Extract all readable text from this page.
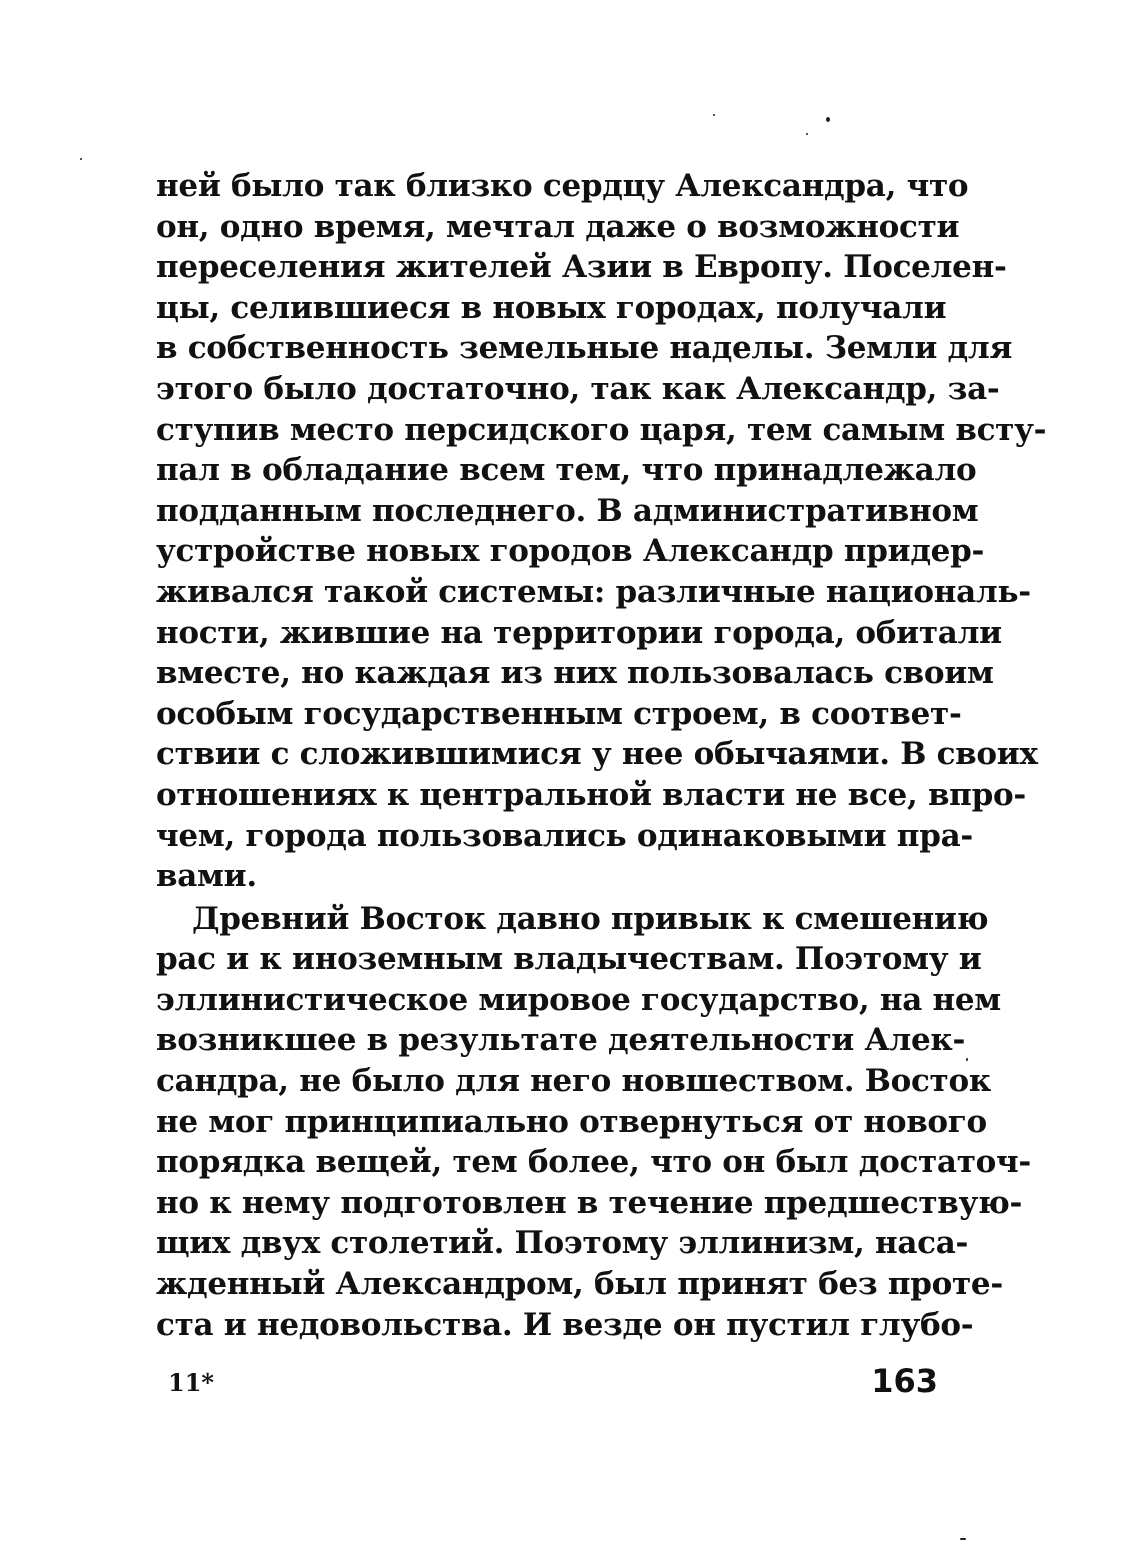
ней было так близко сердцу Александра, что
он, одно время, мечтал даже о возможности
переселения жителей Азии в Европу. Поселен-
цы, селившиеся в новых городах, получали
в собственность земельные наделы. Земли для
этого было достаточно, так как Александр, за-
ступив место персидского царя, тем самым всту-
пал в обладание всем тем, что принадлежало
подданным последнего. В административном
устройстве новых городов Александр придер-
живался такой системы: различные националь-
ности, жившие на территории города, обитали
вместе, но каждая из них пользовалась своим
особым государственным строем, в соответ-
ствии с сложившимися у нее обычаями. В своих
отношениях к центральной власти не все, впро-
чем, города пользовались одинаковыми пра-
вами.
Древний Восток давно привык к смешению
рас и к иноземным владычествам. Поэтому и
эллинистическое мировое государство, на нем
возникшее в результате деятельности Алек-
сандра, не было для него новшеством. Восток
не мог принципиально отвернуться от нового
порядка вещей, тем более, что он был достаточ-
но к нему подготовлен в течение предшествую-
щих двух столетий. Поэтому эллинизм, наса-
жденный Александром, был принят без проте-
ста и недовольства. И везде он пустил глубо-
11*	163
